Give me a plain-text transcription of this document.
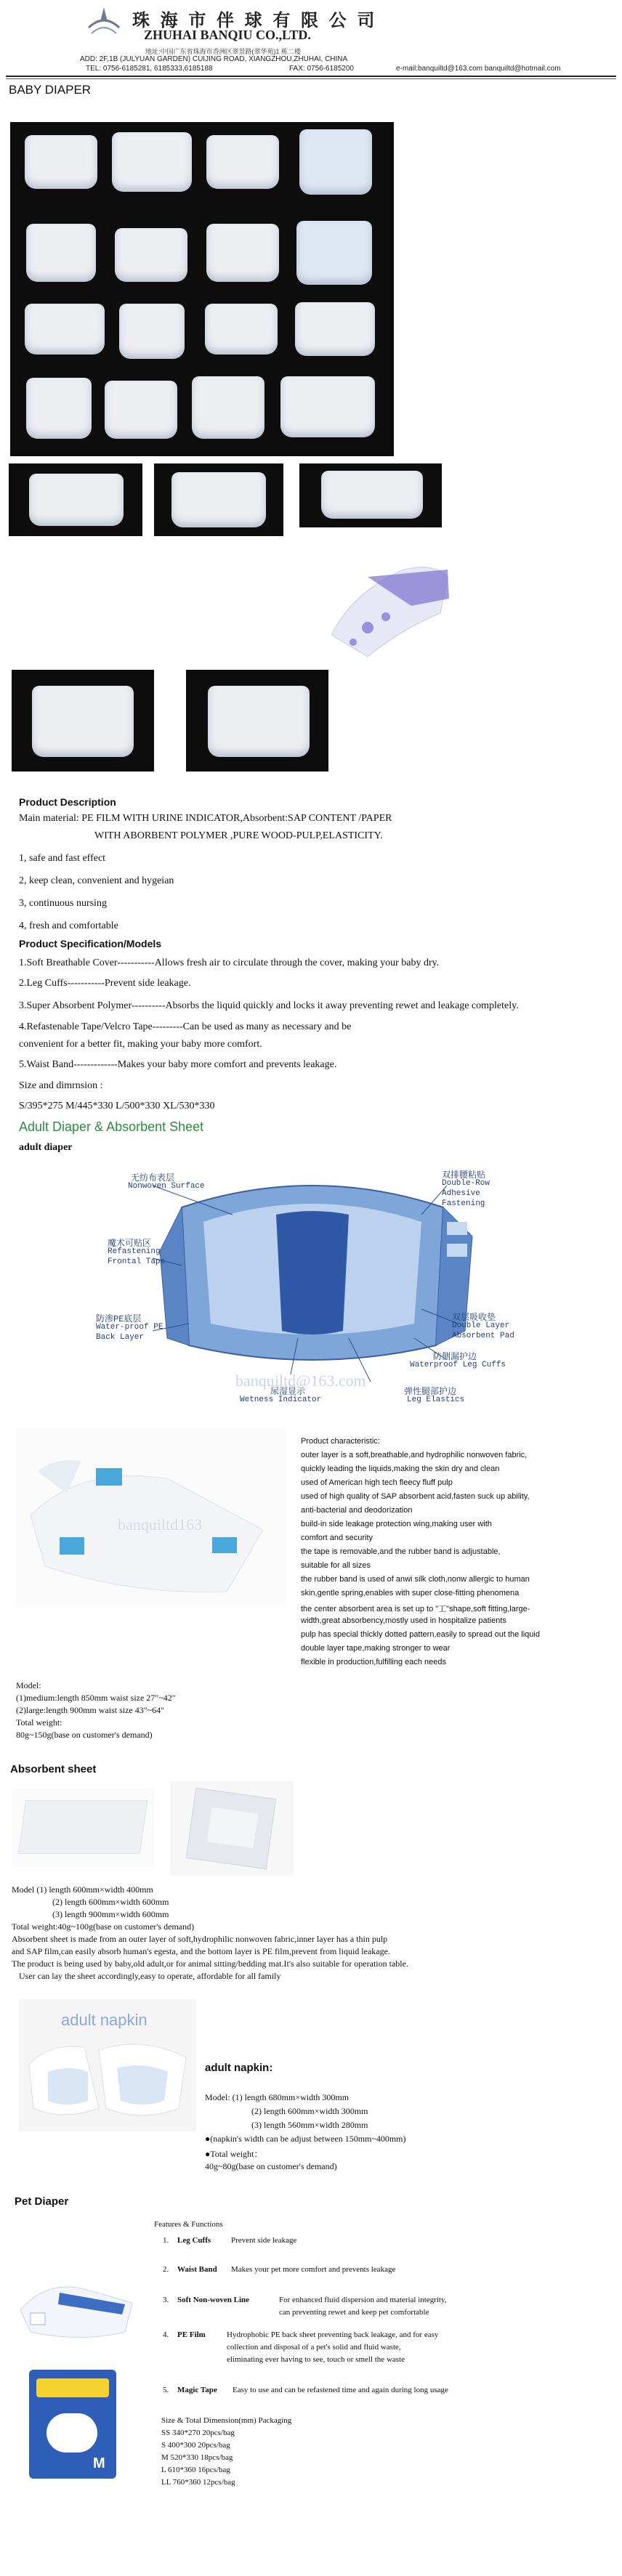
珠 海 市 伴 球 有 限 公 司
ZHUHAI BANQIU CO.,LTD.
地址:中国广东省珠海市香洲区翠景路(翠华苑)1 栋二楼
ADD: 2F,1B (JULYUAN GARDEN) CUIJING ROAD, XIANGZHOU,ZHUHAI, CHINA
TEL: 0756-6185281, 6185333,6185188	FAX: 0756-6185200	e-mail:banquiltd@163.com banquiltd@hotmail.com
BABY DIAPER
Product Description
Main material: PE FILM WITH URINE INDICATOR,Absorbent:SAP CONTENT /PAPER
WITH ABORBENT POLYMER ,PURE WOOD-PULP,ELASTICITY.
1, safe and fast effect
2, keep clean, convenient and hygeian
3, continuous nursing
4, fresh and comfortable
Product Specification/Models
1.Soft Breathable Cover-----------Allows fresh air to circulate through the cover, making your baby dry.
2.Leg Cuffs-----------Prevent side leakage.
3.Super Absorbent Polymer----------Absorbs the liquid quickly and locks it away preventing rewet and leakage completely.
4.Refastenable Tape/Velcro Tape---------Can be used as many as necessary and be
convenient for a better fit, making your baby more comfort.
5.Waist Band-------------Makes your baby more comfort and prevents leakage.
Size and dimrnsion :
S/395*275 M/445*330 L/500*330 XL/530*330
Adult Diaper & Absorbent Sheet
adult diaper
无纺布表层
Nonwoven Surface
双排腰粘贴
Double-Row
Adhesive
Fastening
魔术可贴区
Refastening
Frontal Tape
防渗PE底层
Water-proof PE
Back Layer
双层吸收垫
Double Layer
Absorbent Pad
防侧漏护边
Waterproof Leg Cuffs
尿湿显示
Wetness Indicator
弹性腿部护边
Leg Elastics
banquiltd@163.com
banquiltd163
Product characteristic:
outer layer is a soft,breathable,and hydrophilic nonwoven fabric,
quickly leading the liquids,making the skin dry and clean
used of American high tech fleecy fluff pulp
used of high quality of SAP absorbent acid,fasten suck up ability,
anti-bacterial and deodorization
build-in side leakage protection wing,making user with
comfort and security
the tape is removable,and the rubber band is adjustable,
suitable for all sizes
the rubber band is used of anwi silk cloth,nonw allergic to human
skin,gentle spring,enables with super close-fitting phenomena
the center absorbent area is set up to "工"shape,soft fitting,large-
width,great absorbency,mostly used in hospitalize patients
pulp has special thickly dotted pattern,easily to spread out the liquid
double layer tape,making stronger to wear
flexible in production,fulfilling each needs
Model:
(1)medium:length 850mm waist size 27"~42"
(2)large:length 900mm waist size 43"~64"
Total weight:
80g~150g(base on customer's demand)
Absorbent sheet
Model (1) length 600mm×width 400mm
(2) length 600mm×width 600mm
(3) length 900mm×width 600mm
Total weight:40g~100g(base on customer's demand)
Absorbent sheet is made from an outer layer of soft,hydrophilic nonwoven fabric,inner layer has a thin pulp
and SAP film,can easily absorb human's egesta, and the bottom layer is PE film,prevent from liquid leakage.
The product is being used by baby,old adult,or for animal sitting/bedding mat.It's also suitable for operation table.
User can lay the sheet accordingly,easy to operate, affordable for all family
adult napkin
adult napkin:
Model: (1) length 680mm×width 300mm
(2) length 600mm×width 300mm
(3) length 560mm×width 280mm
●(napkin's width can be adjust between 150mm~400mm)
●Total weight：
40g~80g(base on customer's demand)
Pet Diaper
Features & Functions
1. Leg Cuffs	Prevent side leakage
2. Waist Band Makes your pet more comfort and prevents leakage
3. Soft Non-woven Line	For enhanced fluid dispersion and material integrity,
can preventing rewet and keep pet comfortable
4. PE Film	Hydrophobic PE back sheet preventing back leakage, and for easy
collection and disposal of a pet's solid and fluid waste,
eliminating ever having to see, touch or smell the waste
5. Magic Tape Easy to use and can be refastened time and again during long usage
M
Size & Total Dimension(mm) Packaging
SS 340*270 20pcs/bag
S 400*300 20pcs/bag
M 520*330 18pcs/bag
L 610*360 16pcs/bag
LL 760*360 12pcs/bag
